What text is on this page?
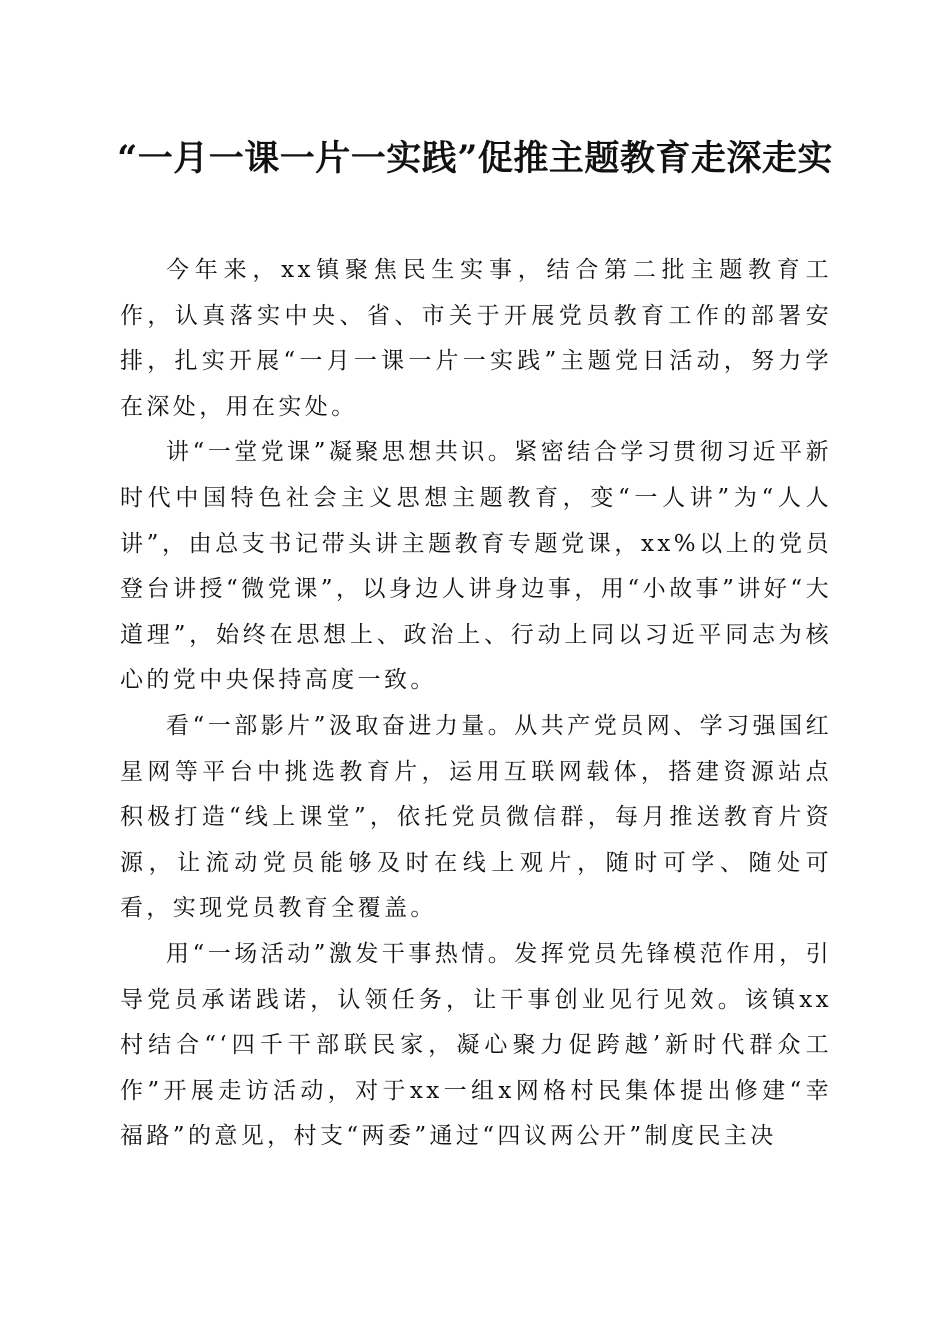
“一月一课一片一实践”促推主题教育走深走实

今年来，xx镇聚焦民生实事，结合第二批主题教育工作，认真落实中央、省、市关于开展党员教育工作的部署安排，扎实开展“一月一课一片一实践”主题党日活动，努力学在深处，用在实处。

讲“一堂党课”凝聚思想共识。紧密结合学习贯彻习近平新时代中国特色社会主义思想主题教育，变“一人讲”为“人人讲”，由总支书记带头讲主题教育专题党课，xx%以上的党员登台讲授“微党课”，以身边人讲身边事，用“小故事”讲好“大道理”，始终在思想上、政治上、行动上同以习近平同志为核心的党中央保持高度一致。

看“一部影片”汲取奋进力量。从共产党员网、学习强国红星网等平台中挑选教育片，运用互联网载体，搭建资源站点积极打造“线上课堂”，依托党员微信群，每月推送教育片资源，让流动党员能够及时在线上观片，随时可学、随处可看，实现党员教育全覆盖。

用“一场活动”激发干事热情。发挥党员先锋模范作用，引导党员承诺践诺，认领任务，让干事创业见行见效。该镇xx村结合“‘四千干部联民家，凝心聚力促跨越’新时代群众工作”开展走访活动，对于xx一组x网格村民集体提出修建“幸福路”的意见，村支“两委”通过“四议两公开”制度民主决
